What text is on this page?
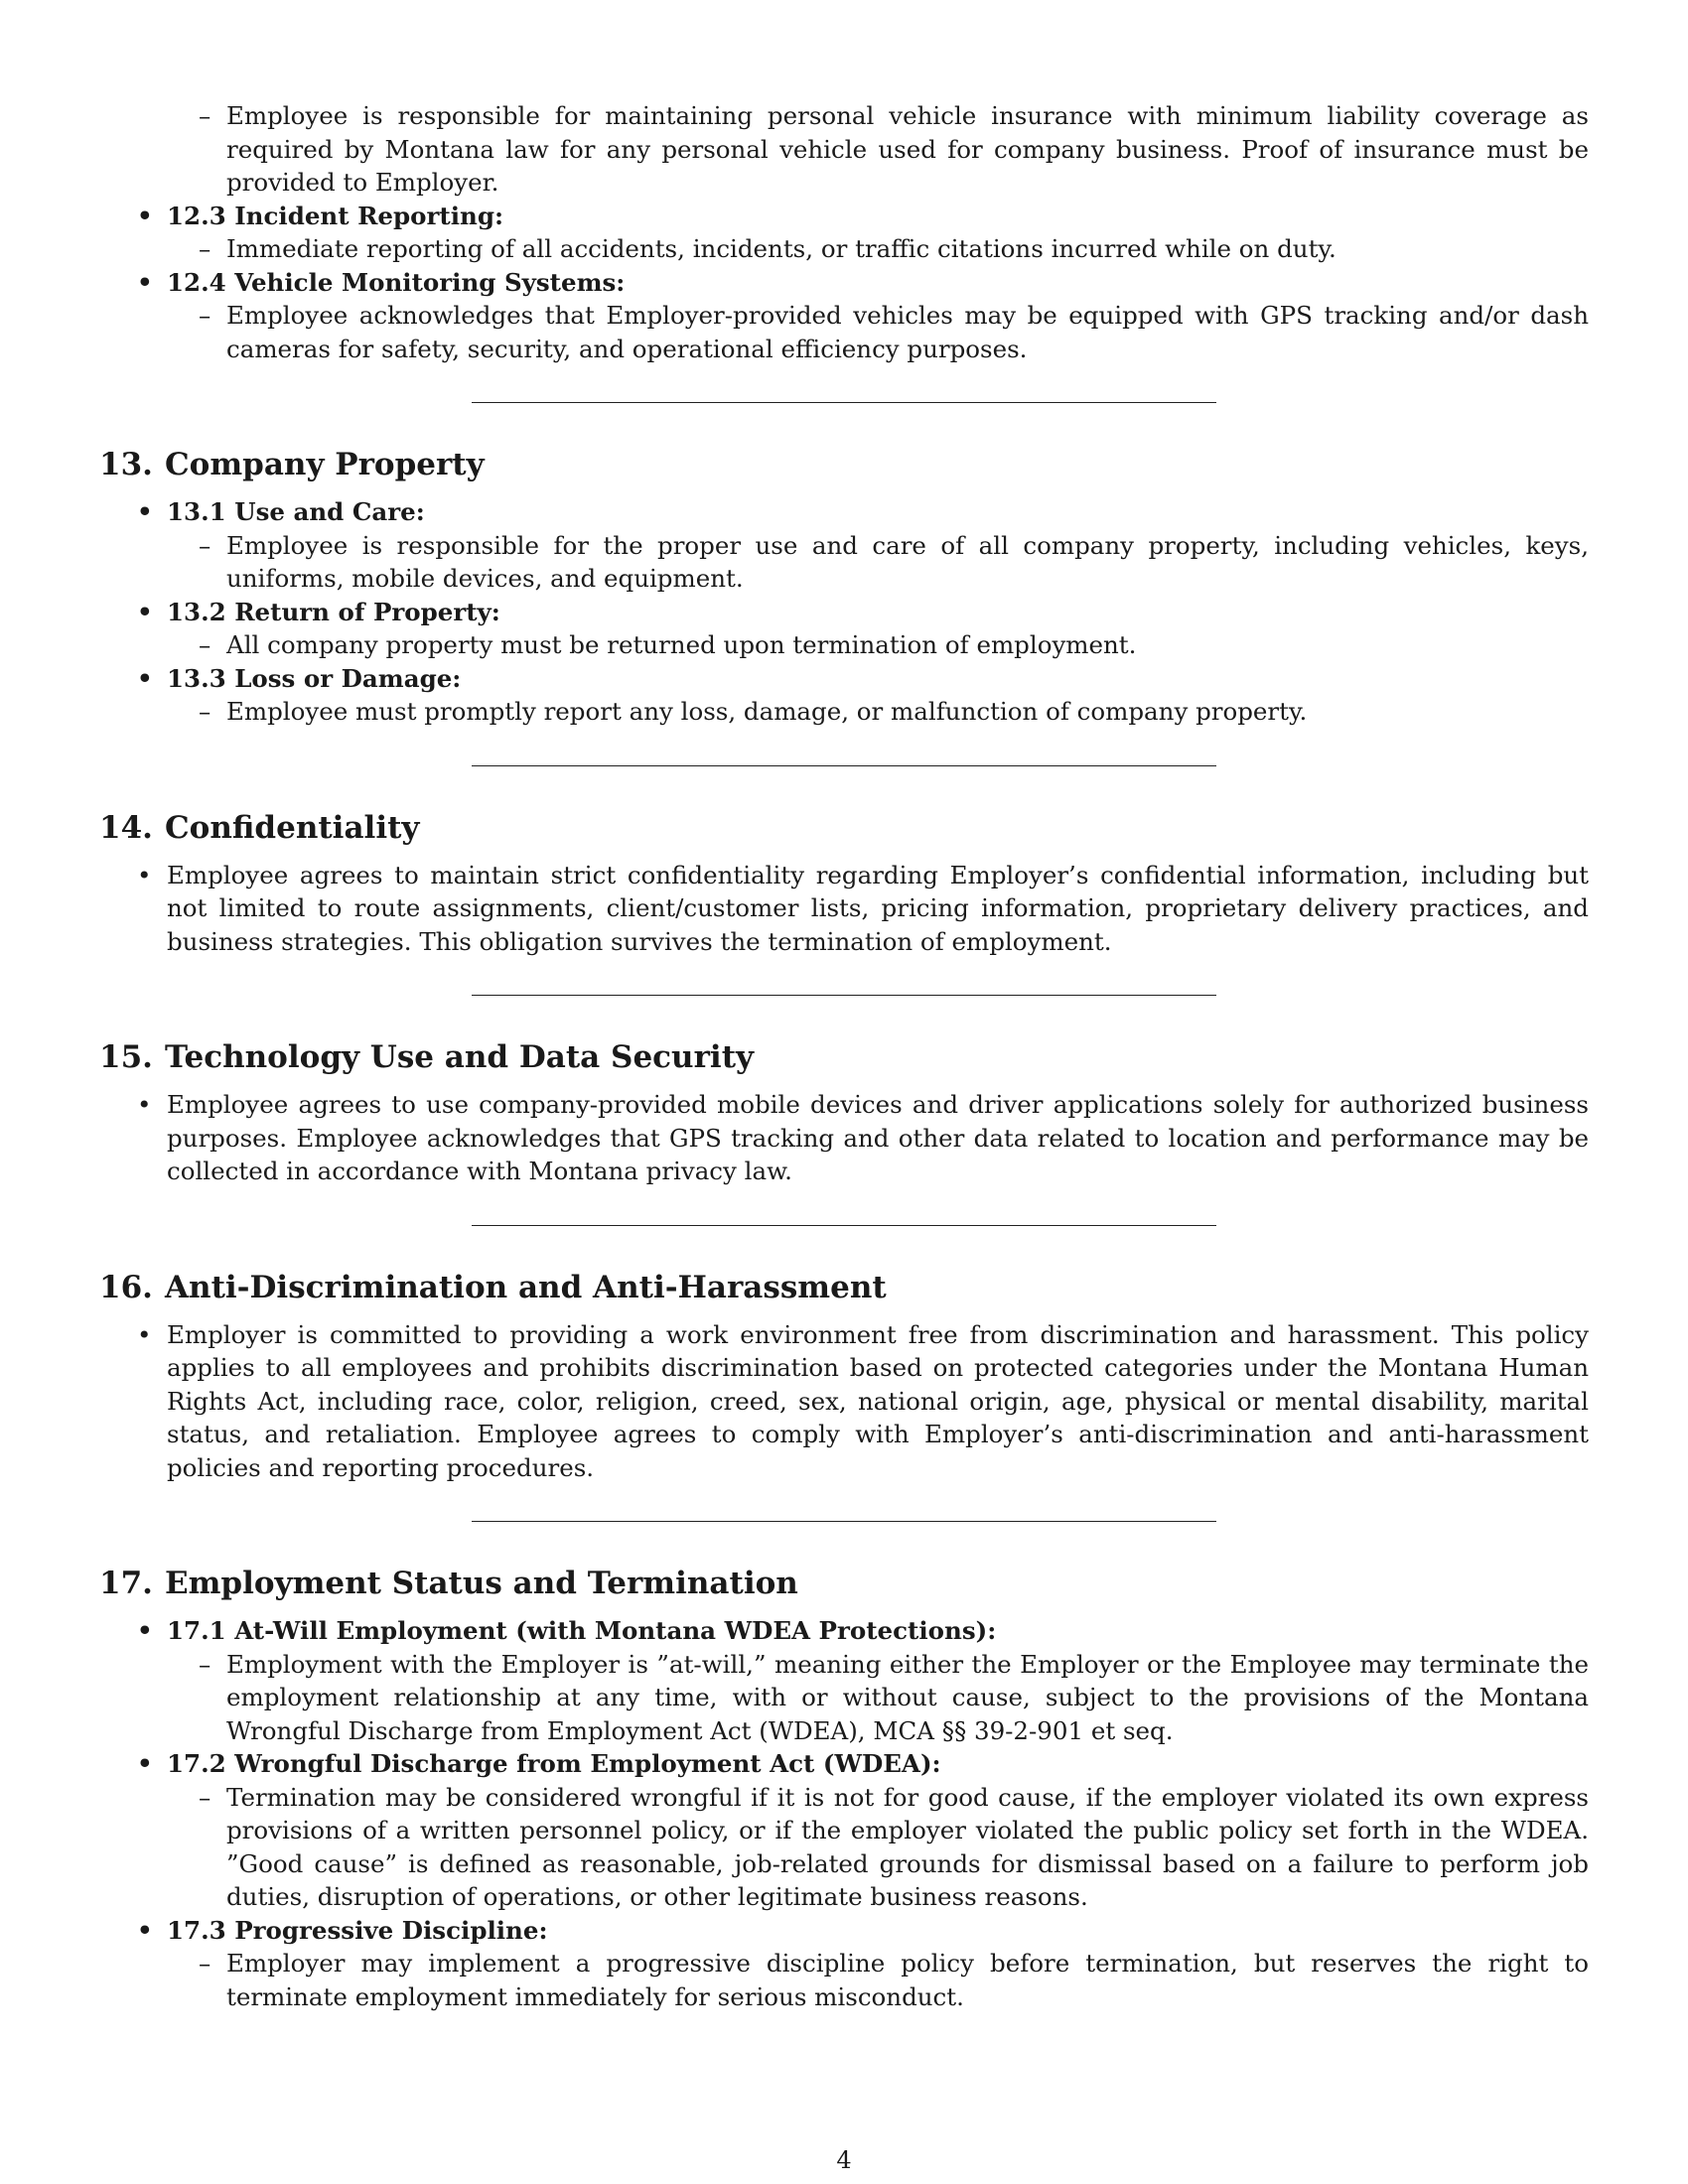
– Employee is responsible for maintaining personal vehicle insurance with minimum liability coverage as required by Montana law for any personal vehicle used for company business. Proof of insurance must be provided to Employer.
• 12.3 Incident Reporting:
– Immediate reporting of all accidents, incidents, or traffic citations incurred while on duty.
• 12.4 Vehicle Monitoring Systems:
– Employee acknowledges that Employer-provided vehicles may be equipped with GPS tracking and/or dash cameras for safety, security, and operational efficiency purposes.
13. Company Property
• 13.1 Use and Care:
– Employee is responsible for the proper use and care of all company property, including vehicles, keys, uniforms, mobile devices, and equipment.
• 13.2 Return of Property:
– All company property must be returned upon termination of employment.
• 13.3 Loss or Damage:
– Employee must promptly report any loss, damage, or malfunction of company property.
14. Confidentiality
• Employee agrees to maintain strict confidentiality regarding Employer’s confidential information, including but not limited to route assignments, client/customer lists, pricing information, proprietary delivery practices, and business strategies. This obligation survives the termination of employment.
15. Technology Use and Data Security
• Employee agrees to use company-provided mobile devices and driver applications solely for authorized business purposes. Employee acknowledges that GPS tracking and other data related to location and performance may be collected in accordance with Montana privacy law.
16. Anti-Discrimination and Anti-Harassment
• Employer is committed to providing a work environment free from discrimination and harassment. This policy applies to all employees and prohibits discrimination based on protected categories under the Montana Human Rights Act, including race, color, religion, creed, sex, national origin, age, physical or mental disability, marital status, and retaliation. Employee agrees to comply with Employer’s anti-discrimination and anti-harassment policies and reporting procedures.
17. Employment Status and Termination
• 17.1 At-Will Employment (with Montana WDEA Protections):
– Employment with the Employer is ”at-will,” meaning either the Employer or the Employee may terminate the employment relationship at any time, with or without cause, subject to the provisions of the Montana Wrongful Discharge from Employment Act (WDEA), MCA §§ 39-2-901 et seq.
• 17.2 Wrongful Discharge from Employment Act (WDEA):
– Termination may be considered wrongful if it is not for good cause, if the employer violated its own express provisions of a written personnel policy, or if the employer violated the public policy set forth in the WDEA. ”Good cause” is defined as reasonable, job-related grounds for dismissal based on a failure to perform job duties, disruption of operations, or other legitimate business reasons.
• 17.3 Progressive Discipline:
– Employer may implement a progressive discipline policy before termination, but reserves the right to terminate employment immediately for serious misconduct.
4
